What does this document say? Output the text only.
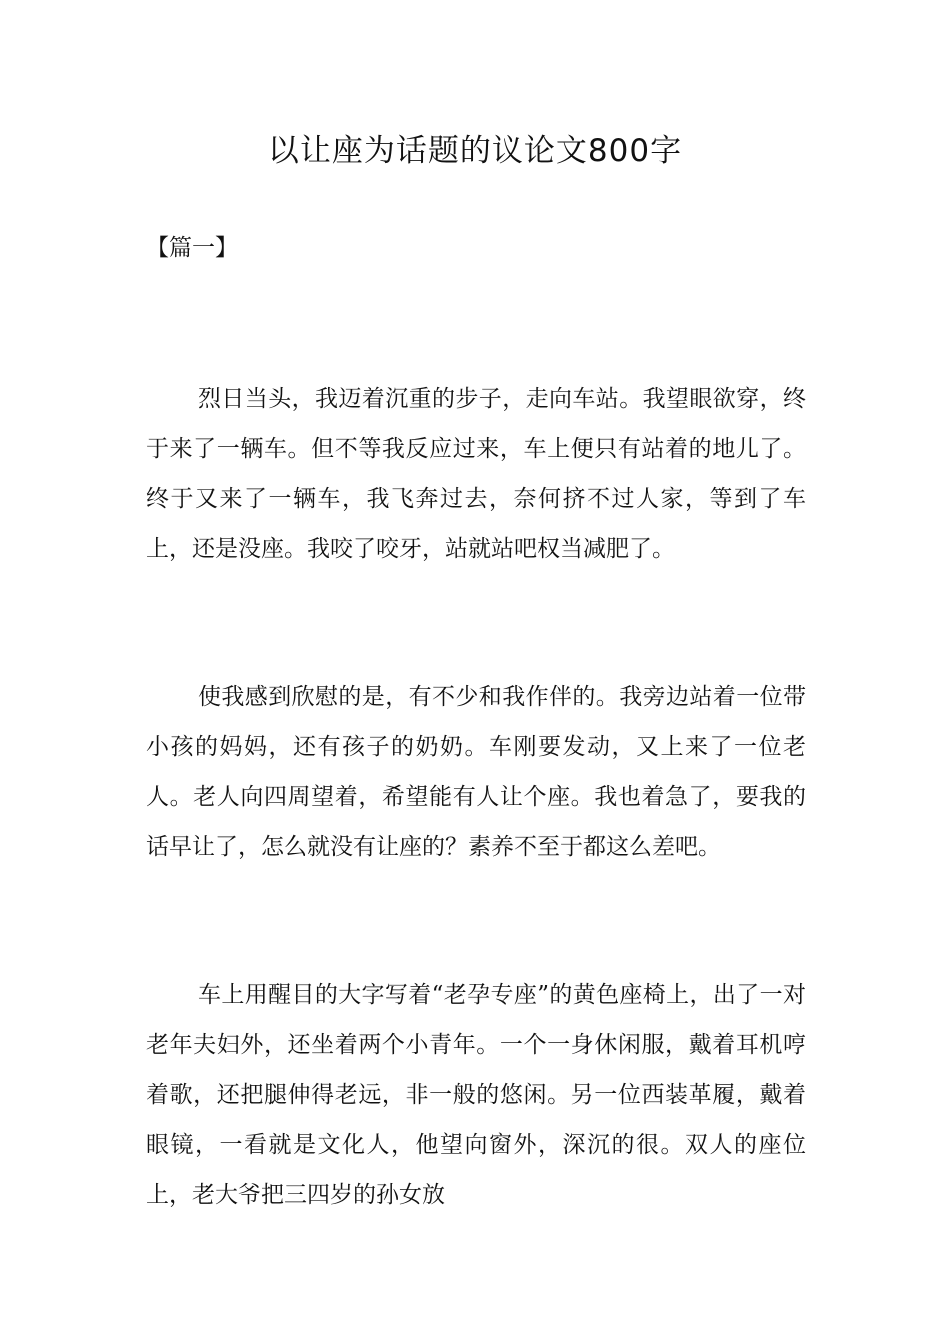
以让座为话题的议论文800字
【篇一】

烈日当头，我迈着沉重的步子，走向车站。我望眼欲穿，终于来了一辆车。但不等我反应过来，车上便只有站着的地儿了。终于又来了一辆车，我飞奔过去，奈何挤不过人家，等到了车上，还是没座。我咬了咬牙，站就站吧权当减肥了。

使我感到欣慰的是，有不少和我作伴的。我旁边站着一位带小孩的妈妈，还有孩子的奶奶。车刚要发动，又上来了一位老人。老人向四周望着，希望能有人让个座。我也着急了，要我的话早让了，怎么就没有让座的？素养不至于都这么差吧。

车上用醒目的大字写着“老孕专座”的黄色座椅上，出了一对老年夫妇外，还坐着两个小青年。一个一身休闲服，戴着耳机哼着歌，还把腿伸得老远，非一般的悠闲。另一位西装革履，戴着眼镜，一看就是文化人，他望向窗外，深沉的很。双人的座位上，老大爷把三四岁的孙女放
